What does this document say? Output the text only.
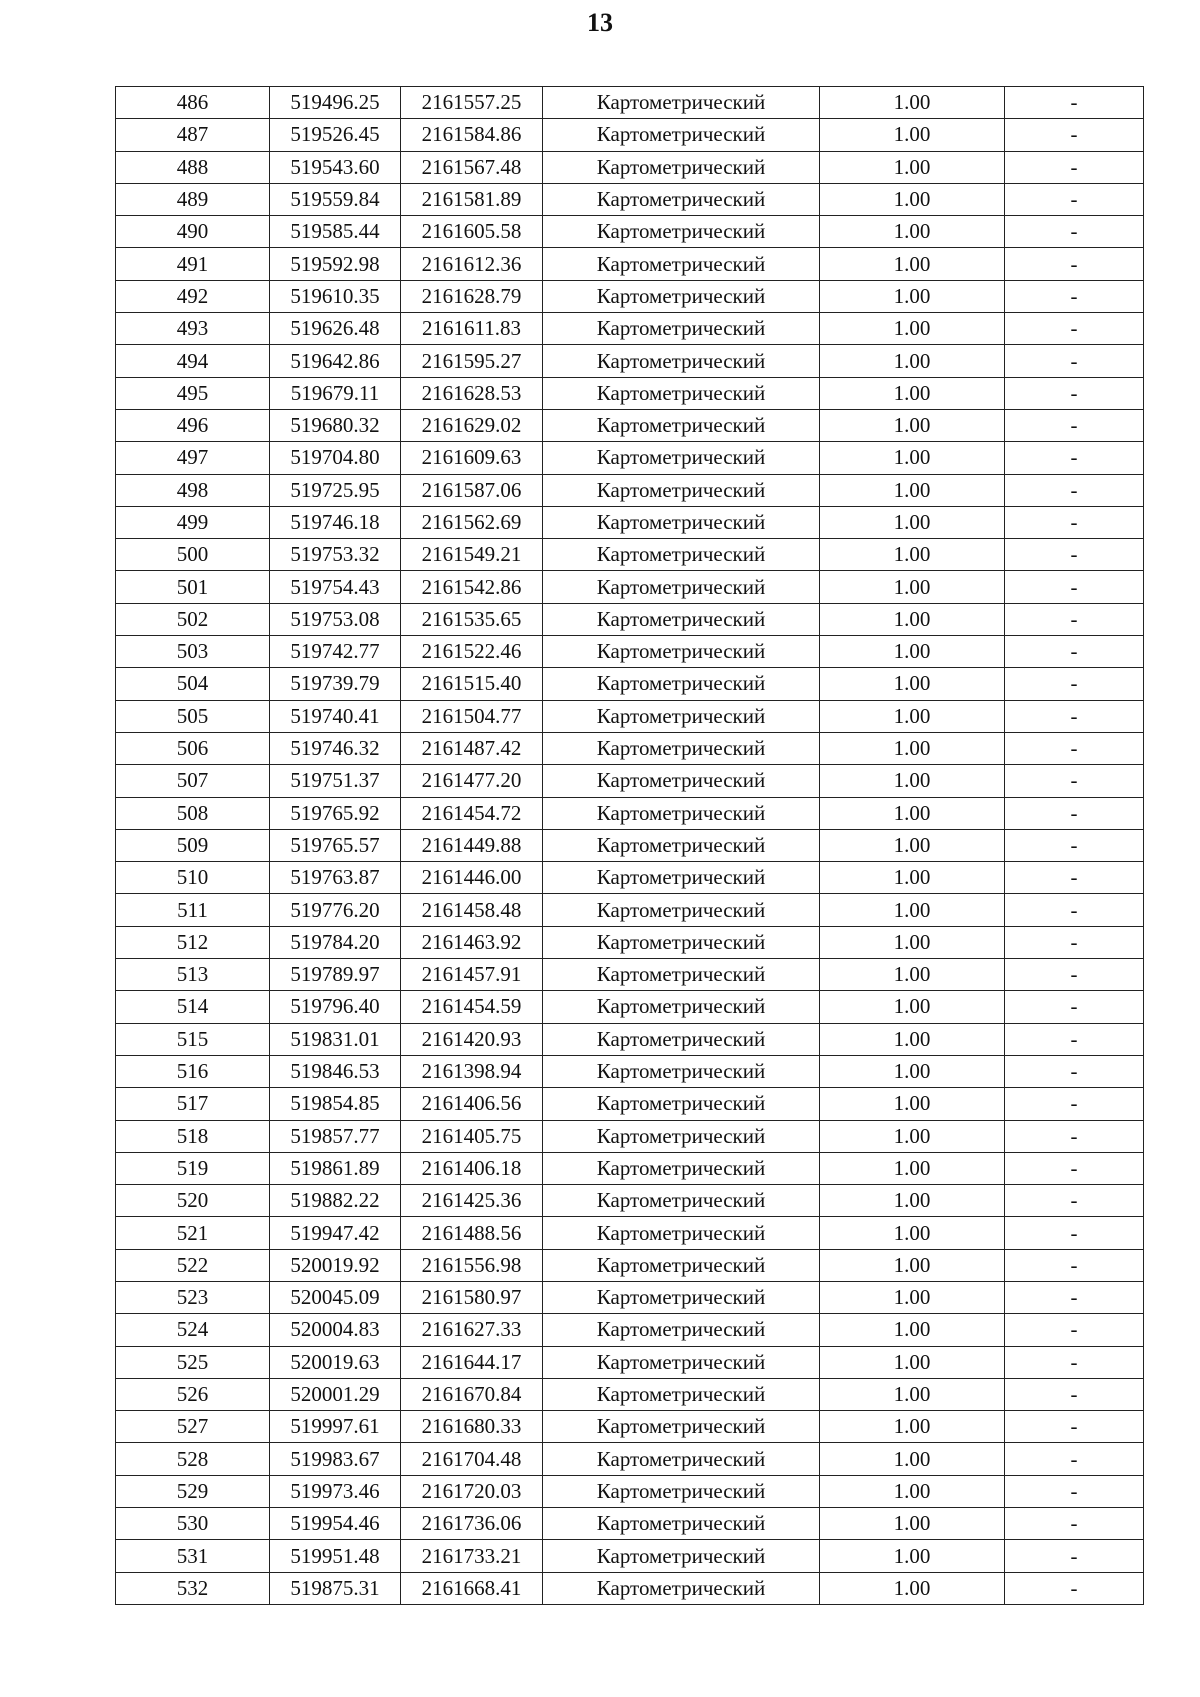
13
486	519496.25	2161557.25	Картометрический	1.00	-
487	519526.45	2161584.86	Картометрический	1.00	-
488	519543.60	2161567.48	Картометрический	1.00	-
489	519559.84	2161581.89	Картометрический	1.00	-
490	519585.44	2161605.58	Картометрический	1.00	-
491	519592.98	2161612.36	Картометрический	1.00	-
492	519610.35	2161628.79	Картометрический	1.00	-
493	519626.48	2161611.83	Картометрический	1.00	-
494	519642.86	2161595.27	Картометрический	1.00	-
495	519679.11	2161628.53	Картометрический	1.00	-
496	519680.32	2161629.02	Картометрический	1.00	-
497	519704.80	2161609.63	Картометрический	1.00	-
498	519725.95	2161587.06	Картометрический	1.00	-
499	519746.18	2161562.69	Картометрический	1.00	-
500	519753.32	2161549.21	Картометрический	1.00	-
501	519754.43	2161542.86	Картометрический	1.00	-
502	519753.08	2161535.65	Картометрический	1.00	-
503	519742.77	2161522.46	Картометрический	1.00	-
504	519739.79	2161515.40	Картометрический	1.00	-
505	519740.41	2161504.77	Картометрический	1.00	-
506	519746.32	2161487.42	Картометрический	1.00	-
507	519751.37	2161477.20	Картометрический	1.00	-
508	519765.92	2161454.72	Картометрический	1.00	-
509	519765.57	2161449.88	Картометрический	1.00	-
510	519763.87	2161446.00	Картометрический	1.00	-
511	519776.20	2161458.48	Картометрический	1.00	-
512	519784.20	2161463.92	Картометрический	1.00	-
513	519789.97	2161457.91	Картометрический	1.00	-
514	519796.40	2161454.59	Картометрический	1.00	-
515	519831.01	2161420.93	Картометрический	1.00	-
516	519846.53	2161398.94	Картометрический	1.00	-
517	519854.85	2161406.56	Картометрический	1.00	-
518	519857.77	2161405.75	Картометрический	1.00	-
519	519861.89	2161406.18	Картометрический	1.00	-
520	519882.22	2161425.36	Картометрический	1.00	-
521	519947.42	2161488.56	Картометрический	1.00	-
522	520019.92	2161556.98	Картометрический	1.00	-
523	520045.09	2161580.97	Картометрический	1.00	-
524	520004.83	2161627.33	Картометрический	1.00	-
525	520019.63	2161644.17	Картометрический	1.00	-
526	520001.29	2161670.84	Картометрический	1.00	-
527	519997.61	2161680.33	Картометрический	1.00	-
528	519983.67	2161704.48	Картометрический	1.00	-
529	519973.46	2161720.03	Картометрический	1.00	-
530	519954.46	2161736.06	Картометрический	1.00	-
531	519951.48	2161733.21	Картометрический	1.00	-
532	519875.31	2161668.41	Картометрический	1.00	-
